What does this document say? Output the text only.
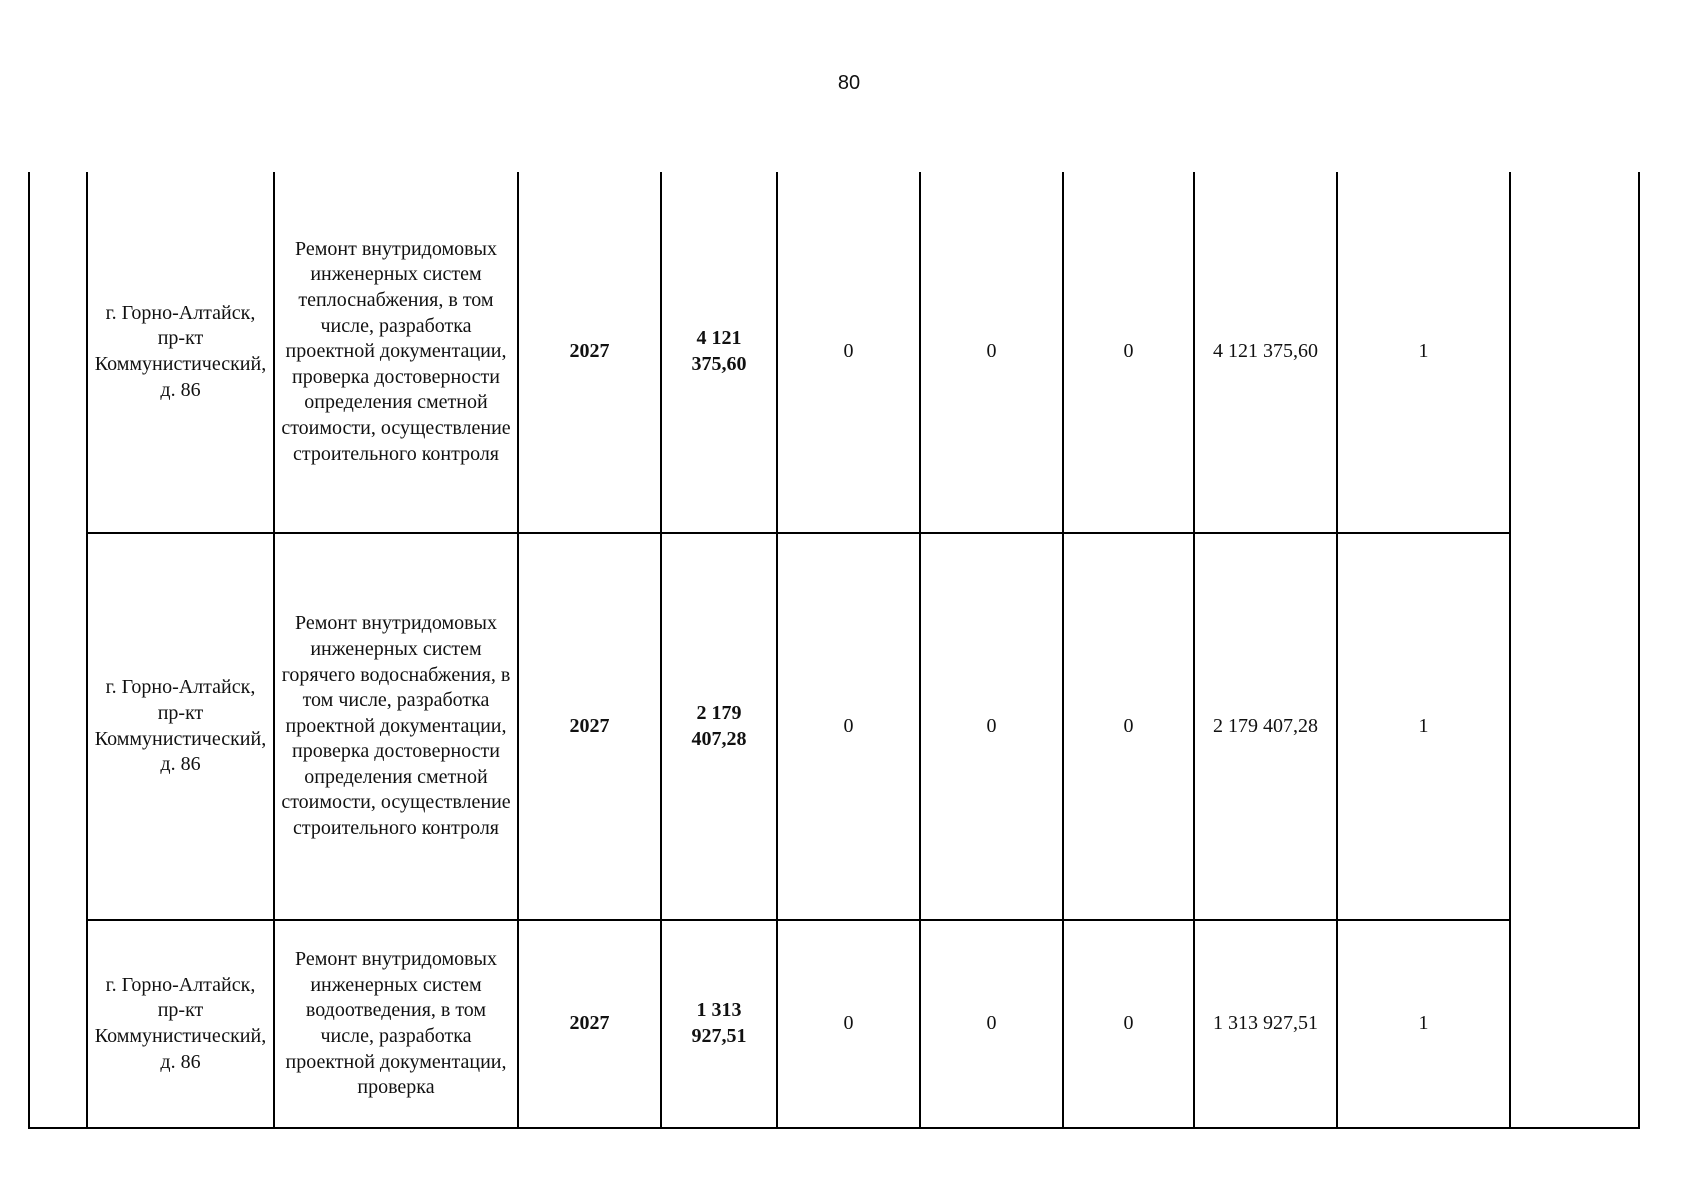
80
	г. Горно-Алтайск, пр-кт Коммунистический, д. 86	Ремонт внутридомовых инженерных систем теплоснабжения, в том числе, разработка проектной документации, проверка достоверности определения сметной стоимости, осуществление строительного контроля	2027	4 121 375,60	0	0	0	4 121 375,60	1	
	г. Горно-Алтайск, пр-кт Коммунистический, д. 86	Ремонт внутридомовых инженерных систем горячего водоснабжения, в том числе, разработка проектной документации, проверка достоверности определения сметной стоимости, осуществление строительного контроля	2027	2 179 407,28	0	0	0	2 179 407,28	1	
	г. Горно-Алтайск, пр-кт Коммунистический, д. 86	Ремонт внутридомовых инженерных систем водоотведения, в том числе, разработка проектной документации, проверка	2027	1 313 927,51	0	0	0	1 313 927,51	1	
